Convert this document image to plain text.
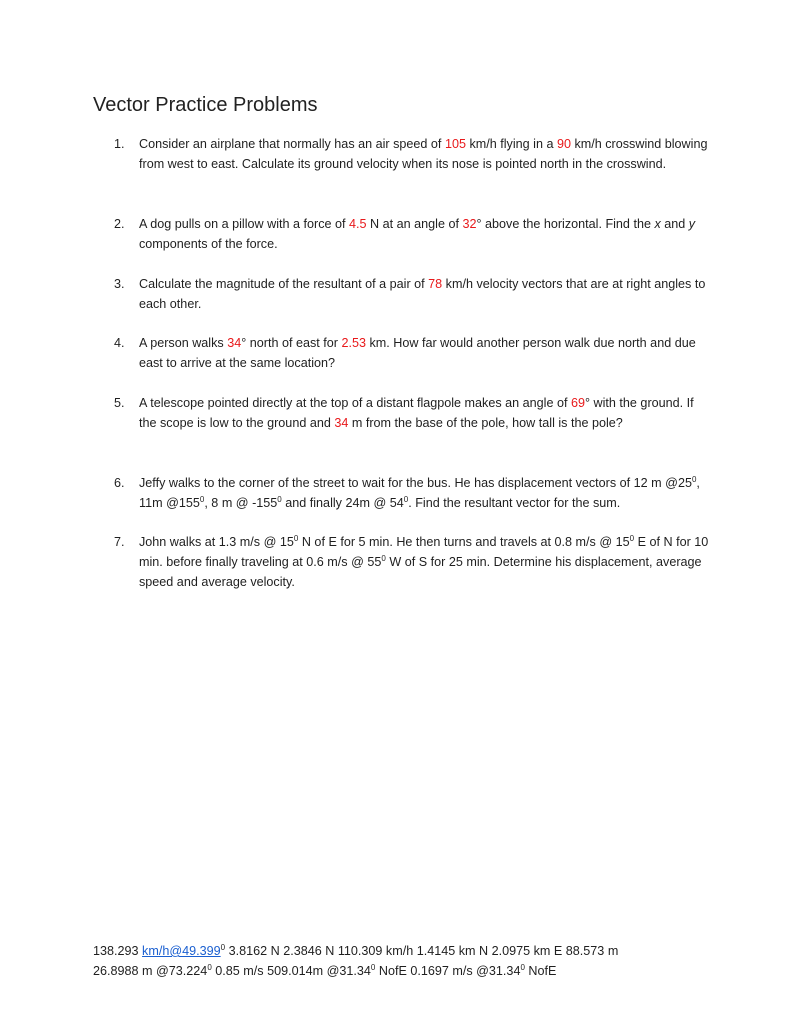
Vector Practice Problems
1. Consider an airplane that normally has an air speed of 105 km/h flying in a 90 km/h crosswind blowing from west to east. Calculate its ground velocity when its nose is pointed north in the crosswind.
2. A dog pulls on a pillow with a force of 4.5 N at an angle of 32° above the horizontal. Find the x and y components of the force.
3. Calculate the magnitude of the resultant of a pair of 78 km/h velocity vectors that are at right angles to each other.
4. A person walks 34° north of east for 2.53 km. How far would another person walk due north and due east to arrive at the same location?
5. A telescope pointed directly at the top of a distant flagpole makes an angle of 69° with the ground. If the scope is low to the ground and 34 m from the base of the pole, how tall is the pole?
6. Jeffy walks to the corner of the street to wait for the bus. He has displacement vectors of 12 m $@25^0$, 11m $@155^0$, 8 m @ $-155^0$ and finally 24m @ $54^0$. Find the resultant vector for the sum.
7. John walks at 1.3 m/s @ $15^0$ N of E for 5 min. He then turns and travels at 0.8 m/s @ $15^0$ E of N for 10 min. before finally traveling at 0.6 m/s @ $55^0$ W of S for 25 min. Determine his displacement, average speed and average velocity.
138.293 km/h@49.399$^0$ 3.8162 N 2.3846 N 110.309 km/h 1.4145 km N 2.0975 km E 88.573 m
26.8988 m @73.224$^0$ 0.85 m/s 509.014m @31.34$^0$ NofE 0.1697 m/s @31.34$^0$ NofE
